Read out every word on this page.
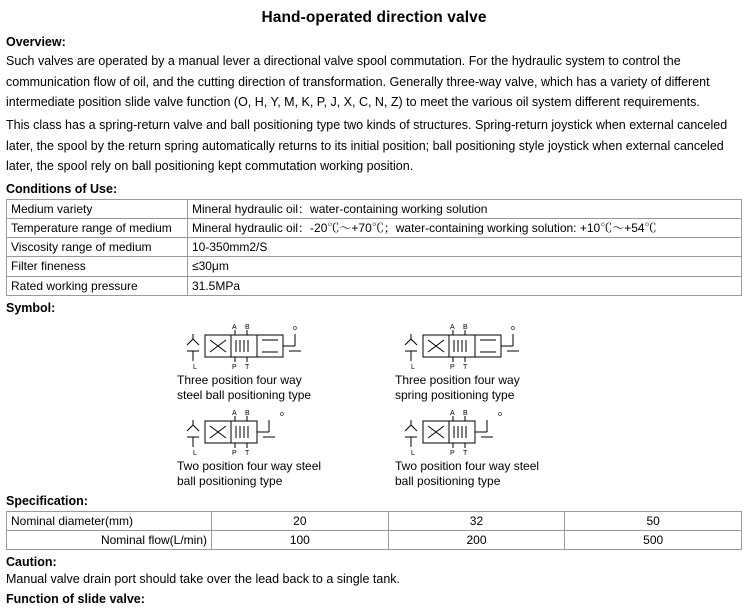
Hand-operated direction valve
Overview:

Such valves are operated by a manual lever a directional valve spool commutation. For the hydraulic system to control the communication flow of oil, and the cutting direction of transformation. Generally three-way valve, which has a variety of different intermediate position slide valve function (O, H, Y, M, K, P, J, X, C, N, Z) to meet the various oil system different requirements.

This class has a spring-return valve and ball positioning type two kinds of structures. Spring-return joystick when external canceled later, the spool by the return spring automatically returns to its initial position; ball positioning style joystick when external canceled later, the spool rely on ball positioning kept commutation working position.

Conditions of Use:
Medium variety	Mineral hydraulic oil：water-containing working solution
Temperature range of medium	Mineral hydraulic oil：-20℃～+70℃；water-containing working solution: +10℃～+54℃
Viscosity range of medium	10-350mm2/S
Filter fineness	≤30μm
Rated working pressure	31.5MPa
Symbol:
A B	o
L	P T
Three position four way
steel ball positioning type
A B	o
L	P T
Three position four way
spring positioning type
A B	o
L	P T
Two position four way steel
ball positioning type
A B	o
L	P T
Two position four way steel
ball positioning type
Specification:
Nominal diameter(mm)	20	32	50
Nominal flow(L/min)	100	200	500
Caution:

Manual valve drain port should take over the lead back to a single tank.

Function of slide valve:
